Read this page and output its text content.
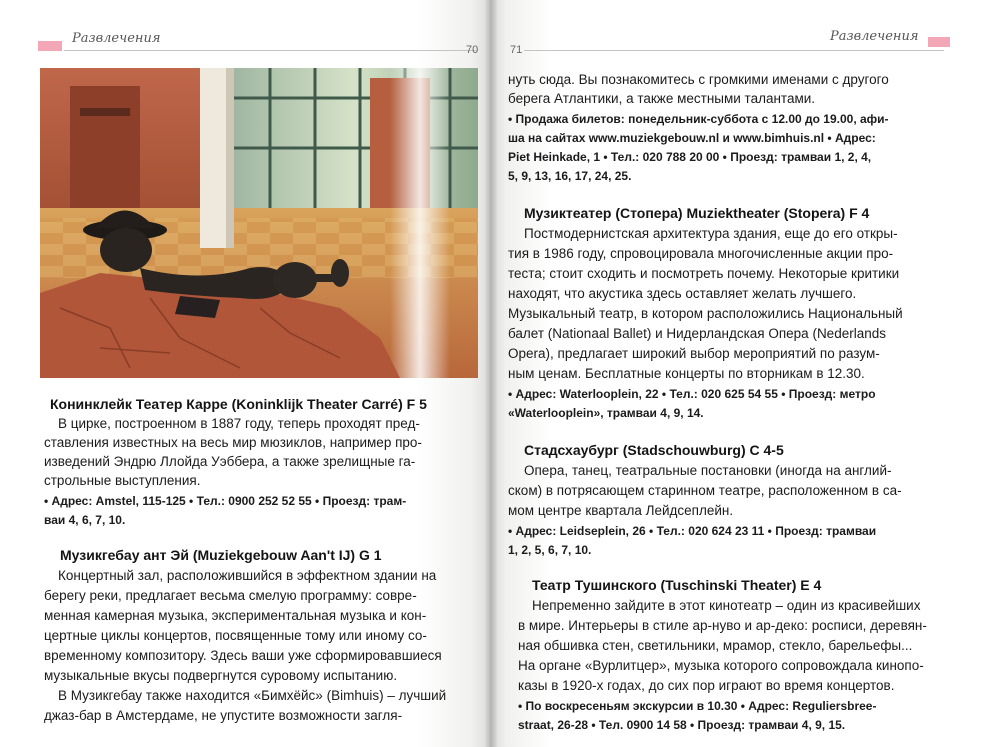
Развлечения
70
Конинклейк Театер Карре (Koninklijk Theater Carré) F 5
В цирке, построенном в 1887 году, теперь проходят пред-
ставления известных на весь мир мюзиклов, например про-
изведений Эндрю Ллойда Уэббера, а также зрелищные га-
строльные выступления.
• Адрес: Amstel, 115-125 • Тел.: 0900 252 52 55 • Проезд: трам-
ваи 4, 6, 7, 10.
Музикгебау ант Эй (Muziekgebouw Aan't IJ) G 1
Концертный зал, расположившийся в эффектном здании на
берегу реки, предлагает весьма смелую программу: совре-
менная камерная музыка, экспериментальная музыка и кон-
цертные циклы концертов, посвященные тому или иному со-
временному композитору. Здесь ваши уже сформировавшиеся
музыкальные вкусы подвергнутся суровому испытанию.
В Музикгебау также находится «Бимхёйс» (Bimhuis) – лучший
джаз-бар в Амстердаме, не упустите возможности загля-
71
Развлечения
нуть сюда. Вы познакомитесь с громкими именами с другого
берега Атлантики, а также местными талантами.
• Продажа билетов: понедельник-суббота с 12.00 до 19.00, афи-
ша на сайтах www.muziekgebouw.nl и www.bimhuis.nl • Адрес:
Piet Heinkade, 1 • Тел.: 020 788 20 00 • Проезд: трамваи 1, 2, 4,
5, 9, 13, 16, 17, 24, 25.
Музиктеатер (Стопера) Muziektheater (Stopera) F 4
Постмодернистская архитектура здания, еще до его откры-
тия в 1986 году, спровоцировала многочисленные акции про-
теста; стоит сходить и посмотреть почему. Некоторые критики
находят, что акустика здесь оставляет желать лучшего.
Музыкальный театр, в котором расположились Национальный
балет (Nationaal Ballet) и Нидерландская Опера (Nederlands
Opera), предлагает широкий выбор мероприятий по разум-
ным ценам. Бесплатные концерты по вторникам в 12.30.
• Адрес: Waterlooplein, 22 • Тел.: 020 625 54 55 • Проезд: метро
«Waterlooplein», трамваи 4, 9, 14.
Стадсхаубург (Stadschouwburg) C 4-5
Опера, танец, театральные постановки (иногда на англий-
ском) в потрясающем старинном театре, расположенном в са-
мом центре квартала Лейдсеплейн.
• Адрес: Leidseplein, 26 • Тел.: 020 624 23 11 • Проезд: трамваи
1, 2, 5, 6, 7, 10.
Театр Тушинского (Tuschinski Theater) E 4
Непременно зайдите в этот кинотеатр – один из красивейших
в мире. Интерьеры в стиле ар-нуво и ар-деко: росписи, деревян-
ная обшивка стен, светильники, мрамор, стекло, барельефы...
На органе «Вурлитцер», музыка которого сопровождала кинопо-
казы в 1920-х годах, до сих пор играют во время концертов.
• По воскресеньям экскурсии в 10.30 • Адрес: Reguliersbree-
straat, 26-28 • Тел. 0900 14 58 • Проезд: трамваи 4, 9, 15.
